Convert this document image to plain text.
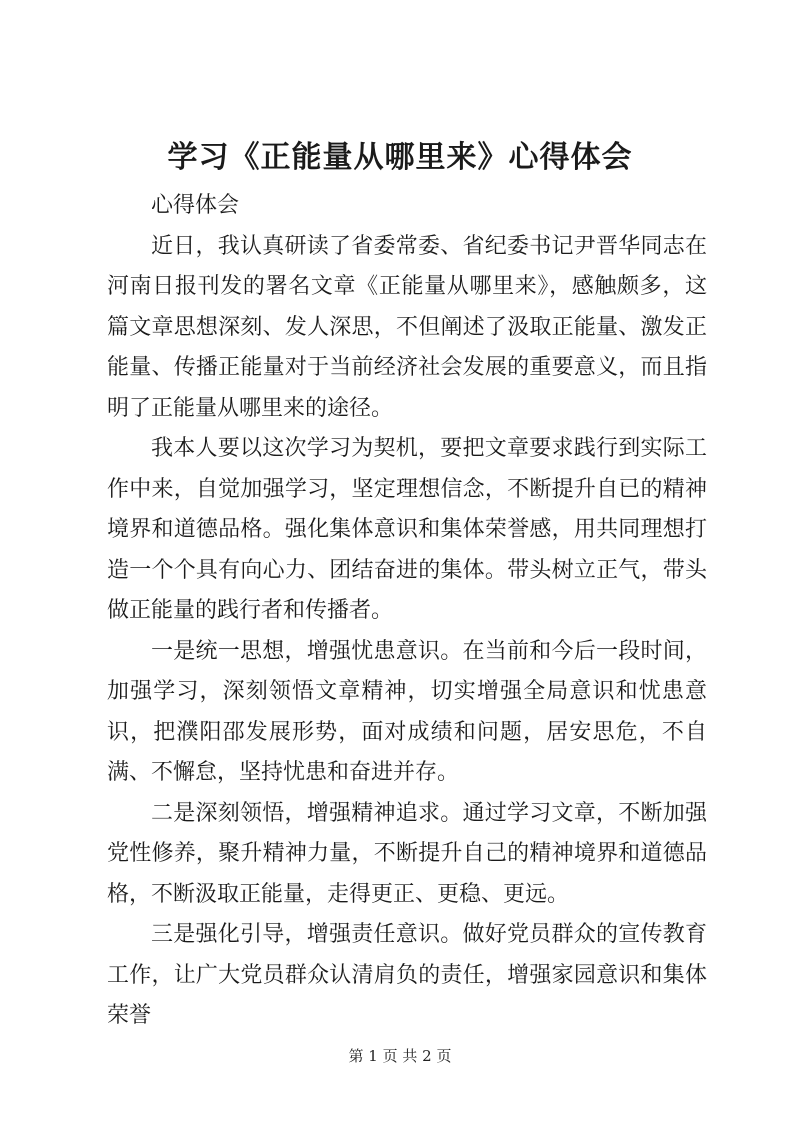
学习《正能量从哪里来》心得体会

心得体会

近日，我认真研读了省委常委、省纪委书记尹晋华同志在河南日报刊发的署名文章《正能量从哪里来》，感触颇多，这篇文章思想深刻、发人深思，不但阐述了汲取正能量、激发正能量、传播正能量对于当前经济社会发展的重要意义，而且指明了正能量从哪里来的途径。

我本人要以这次学习为契机，要把文章要求践行到实际工作中来，自觉加强学习，坚定理想信念，不断提升自已的精神境界和道德品格。强化集体意识和集体荣誉感，用共同理想打造一个个具有向心力、团结奋进的集体。带头树立正气，带头做正能量的践行者和传播者。

一是统一思想，增强忧患意识。在当前和今后一段时间，加强学习，深刻领悟文章精神，切实增强全局意识和忧患意识，把濮阳邵发展形势，面对成绩和问题，居安思危，不自满、不懈怠，坚持忧患和奋进并存。

二是深刻领悟，增强精神追求。通过学习文章，不断加强党性修养，聚升精神力量，不断提升自己的精神境界和道德品格，不断汲取正能量，走得更正、更稳、更远。

三是强化引导，增强责任意识。做好党员群众的宣传教育工作，让广大党员群众认清肩负的责任，增强家园意识和集体荣誉

第 1 页 共 2 页
